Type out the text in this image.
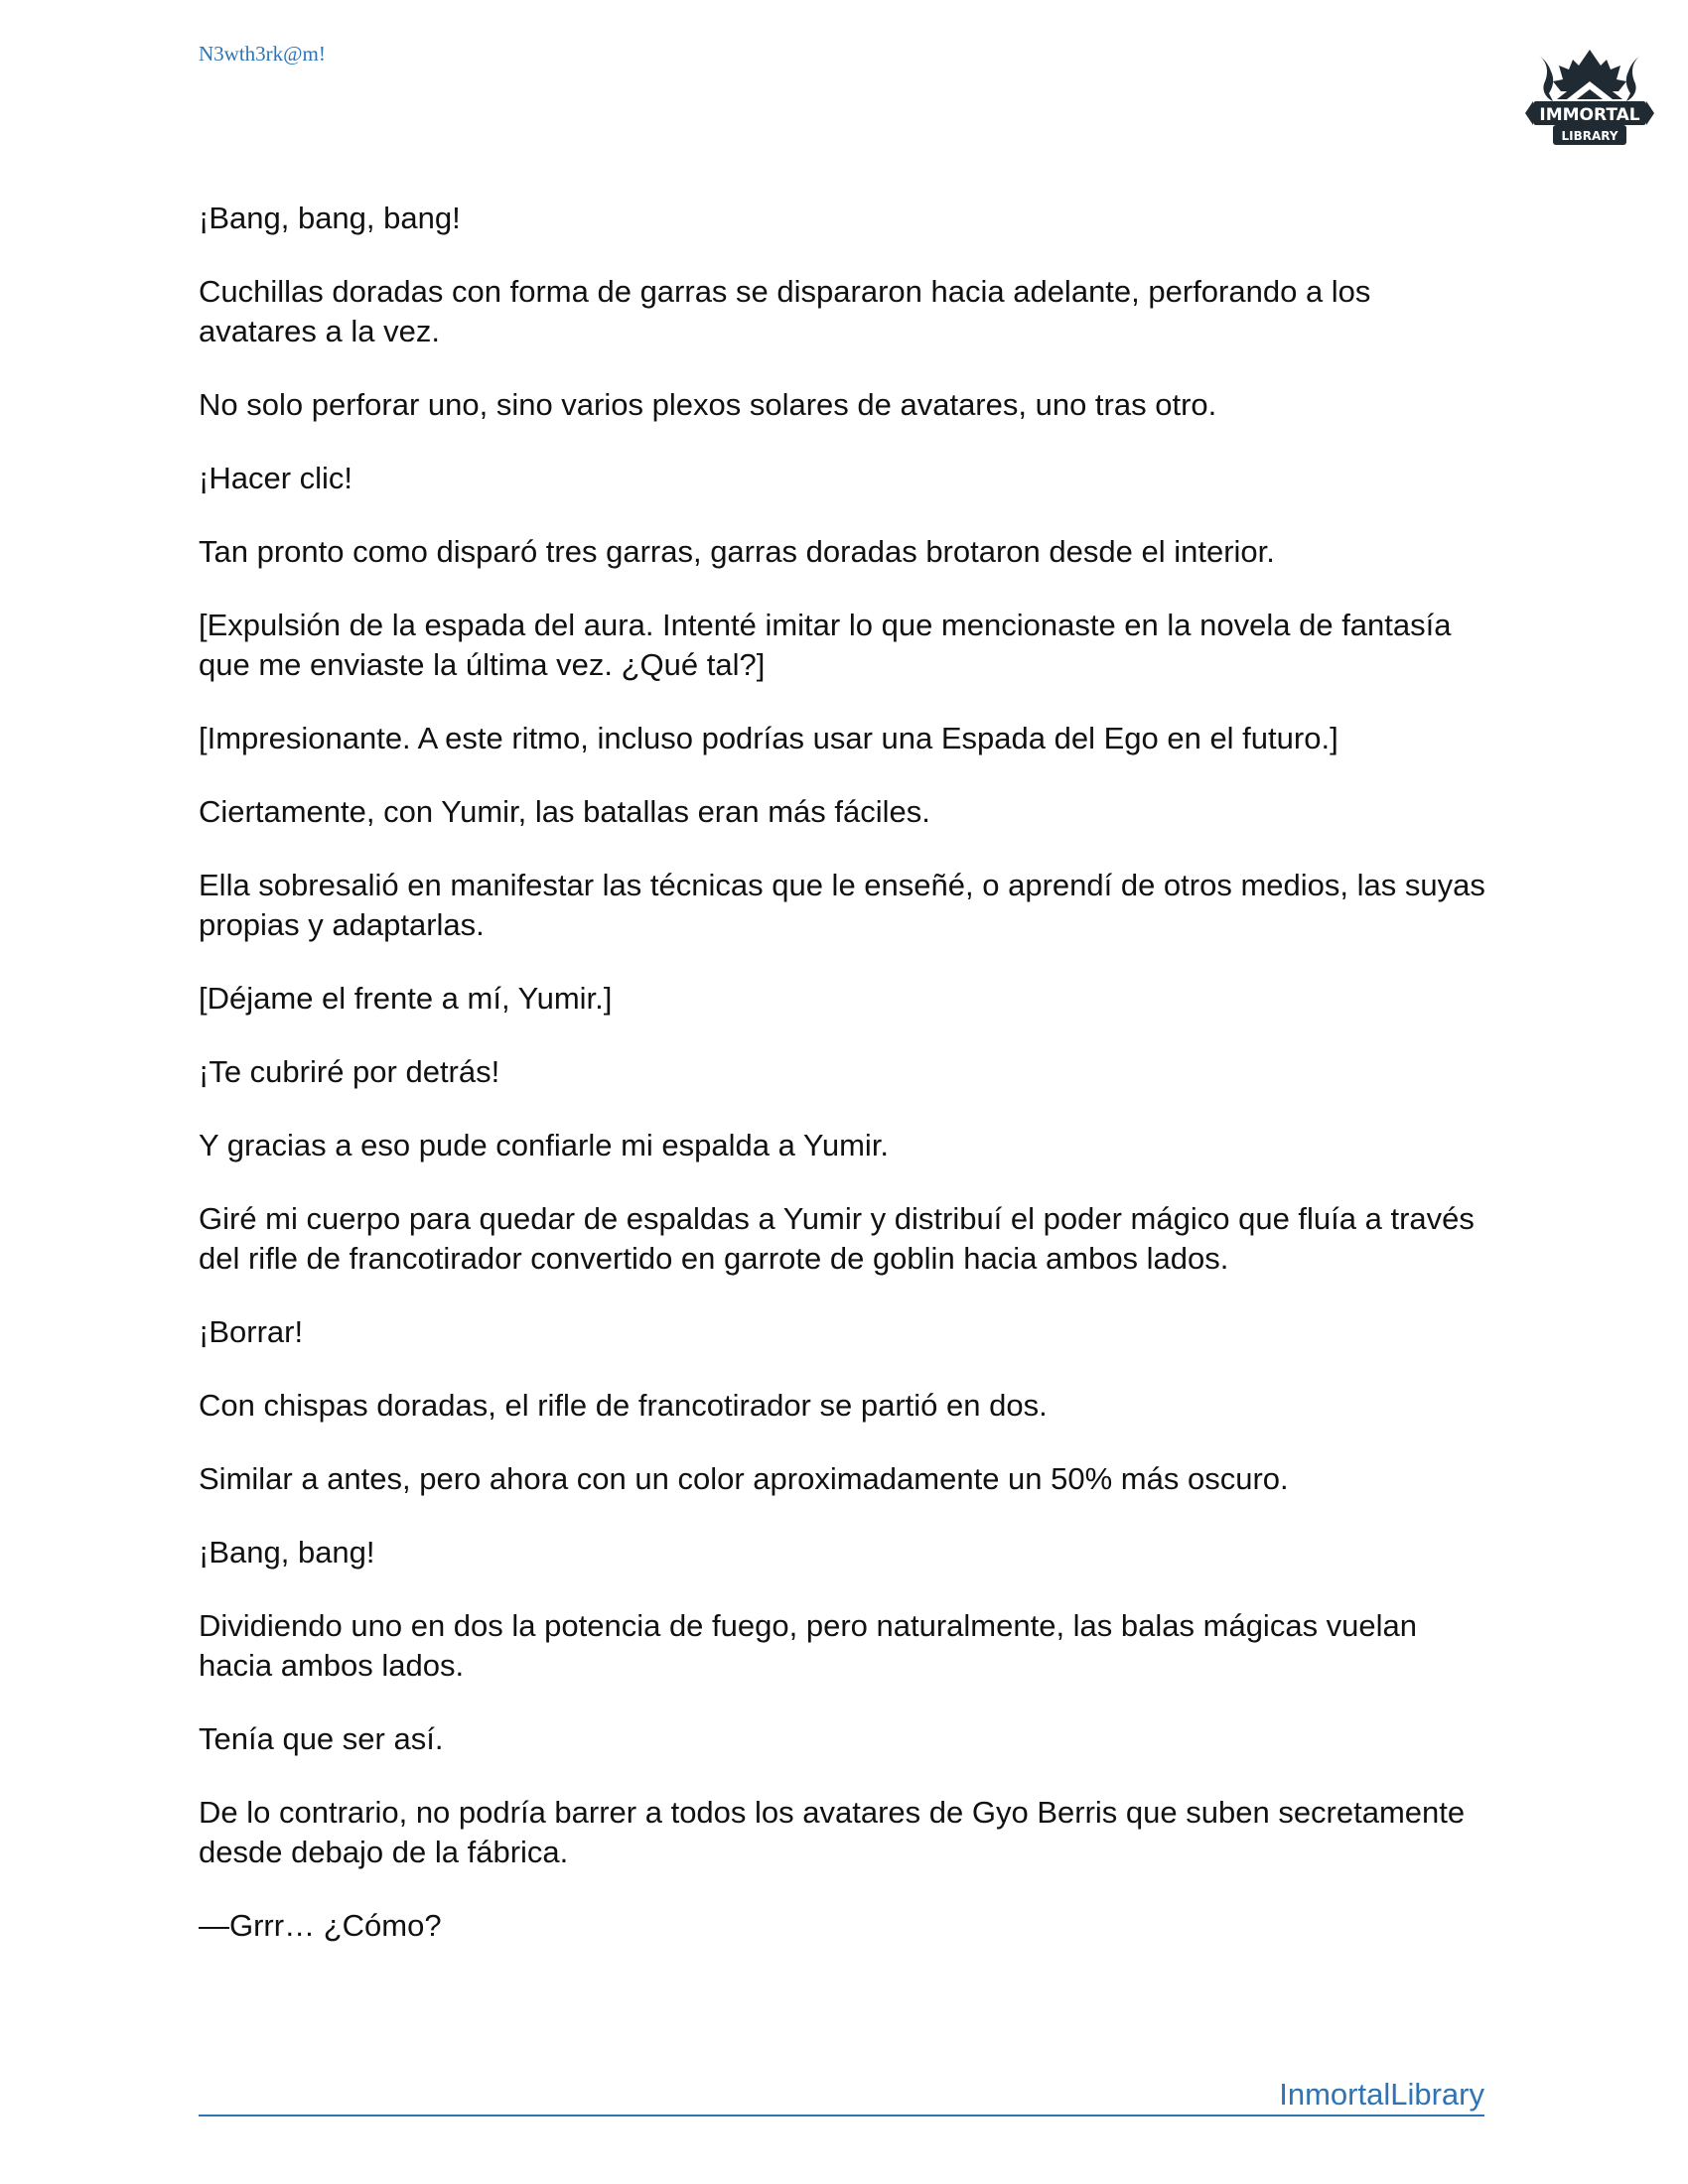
N3wth3rk@m!
IMMORTAL
LIBRARY

¡Bang, bang, bang!

Cuchillas doradas con forma de garras se dispararon hacia adelante, perforando a los avatares a la vez.

No solo perforar uno, sino varios plexos solares de avatares, uno tras otro.

¡Hacer clic!

Tan pronto como disparó tres garras, garras doradas brotaron desde el interior.

[Expulsión de la espada del aura. Intenté imitar lo que mencionaste en la novela de fantasía que me enviaste la última vez. ¿Qué tal?]

[Impresionante. A este ritmo, incluso podrías usar una Espada del Ego en el futuro.]

Ciertamente, con Yumir, las batallas eran más fáciles.

Ella sobresalió en manifestar las técnicas que le enseñé, o aprendí de otros medios, las suyas propias y adaptarlas.

[Déjame el frente a mí, Yumir.]

¡Te cubriré por detrás!

Y gracias a eso pude confiarle mi espalda a Yumir.

Giré mi cuerpo para quedar de espaldas a Yumir y distribuí el poder mágico que fluía a través del rifle de francotirador convertido en garrote de goblin hacia ambos lados.

¡Borrar!

Con chispas doradas, el rifle de francotirador se partió en dos.

Similar a antes, pero ahora con un color aproximadamente un 50% más oscuro.

¡Bang, bang!

Dividiendo uno en dos la potencia de fuego, pero naturalmente, las balas mágicas vuelan hacia ambos lados.

Tenía que ser así.

De lo contrario, no podría barrer a todos los avatares de Gyo Berris que suben secretamente desde debajo de la fábrica.

—Grrr… ¿Cómo?

InmortalLibrary
